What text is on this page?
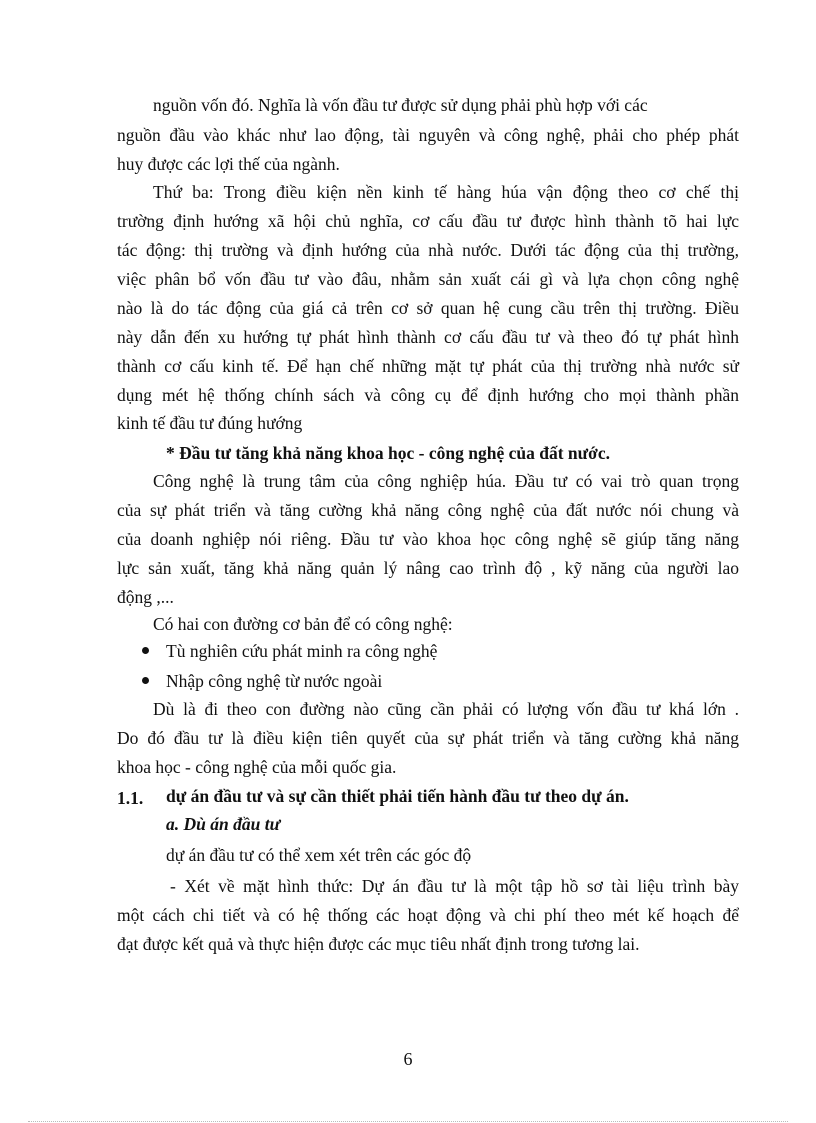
nguồn vốn đó. Nghĩa là vốn đầu tư được sử dụng phải phù hợp với các
nguồn đầu vào khác như lao động, tài nguyên và công nghệ, phải cho phép phát
huy được các lợi thế của ngành.
Thứ ba: Trong điều kiện nền kinh tế hàng húa vận động theo cơ chế thị
trường định hướng xã hội chủ nghĩa, cơ cấu đầu tư được hình thành tõ hai lực
tác động: thị trường và định hướng của nhà nước. Dưới tác động của thị trường,
việc phân bổ vốn đầu tư vào đâu, nhằm sản xuất cái gì và lựa chọn công nghệ
nào là do tác động của giá cả trên cơ sở quan hệ cung cầu trên thị trường. Điều
này dẫn đến xu hướng tự phát hình thành cơ cấu đầu tư và theo đó tự phát hình
thành cơ cấu kinh tế. Để hạn chế những mặt tự phát của thị trường nhà nước sử
dụng mét hệ thống chính sách và công cụ để định hướng cho mọi thành phần
kinh tế đầu tư đúng hướng
* Đầu tư tăng khả năng khoa học - công nghệ của đất nước.
Công nghệ là trung tâm của công nghiệp húa. Đầu tư có vai trò quan trọng
của sự phát triển và tăng cường khả năng công nghệ của đất nước nói chung và
của doanh nghiệp nói riêng. Đầu tư vào khoa học công nghệ sẽ giúp tăng năng
lực sản xuất, tăng khả năng quản lý nâng cao trình độ , kỹ năng của người lao
động ,...
Có hai con đường cơ bản để có công nghệ:
Tù nghiên cứu phát minh ra công nghệ
Nhập công nghệ từ nước ngoài
Dù là đi theo con đường nào cũng cần phải có lượng vốn đầu tư khá lớn .
Do đó đầu tư là điều kiện tiên quyết của sự phát triển và tăng cường khả năng
khoa học - công nghệ của mỗi quốc gia.
1.1. dự án đầu tư và sự cần thiết phải tiến hành đầu tư theo dự án.
a. Dù án đầu tư
dự án đầu tư có thể xem xét trên các góc độ
- Xét về mặt hình thức: Dự án đầu tư là một tập hồ sơ tài liệu trình bày
một cách chi tiết và có hệ thống các hoạt động và chi phí theo mét kế hoạch để
đạt được kết quả và thực hiện được các mục tiêu nhất định trong tương lai.
6
